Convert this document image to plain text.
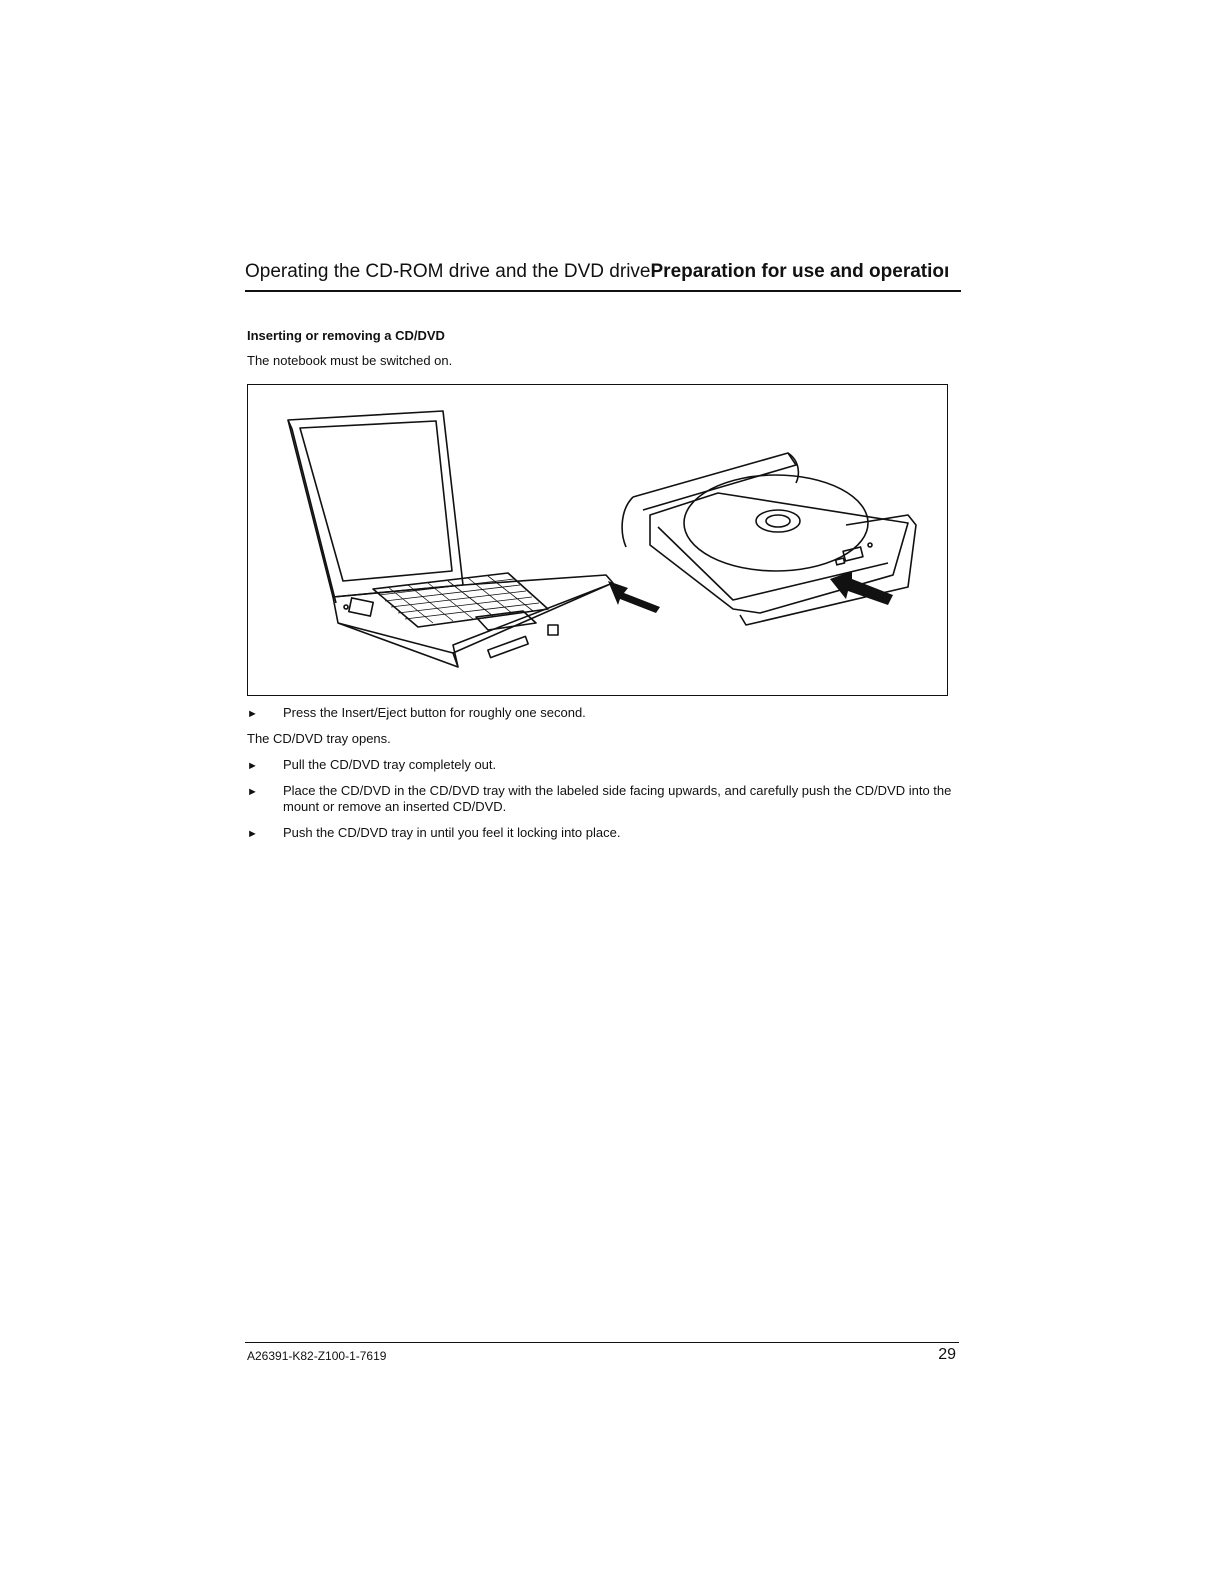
Operating the CD-ROM drive and the DVD drivePreparation for use and operatioı
Inserting or removing a CD/DVD
The notebook must be switched on.
► Press the Insert/Eject button for roughly one second.
The CD/DVD tray opens.
► Pull the CD/DVD tray completely out.
► Place the CD/DVD in the CD/DVD tray with the labeled side facing upwards, and carefully push the CD/DVD into the mount or remove an inserted CD/DVD.
► Push the CD/DVD tray in until you feel it locking into place.
A26391-K82-Z100-1-7619	29
